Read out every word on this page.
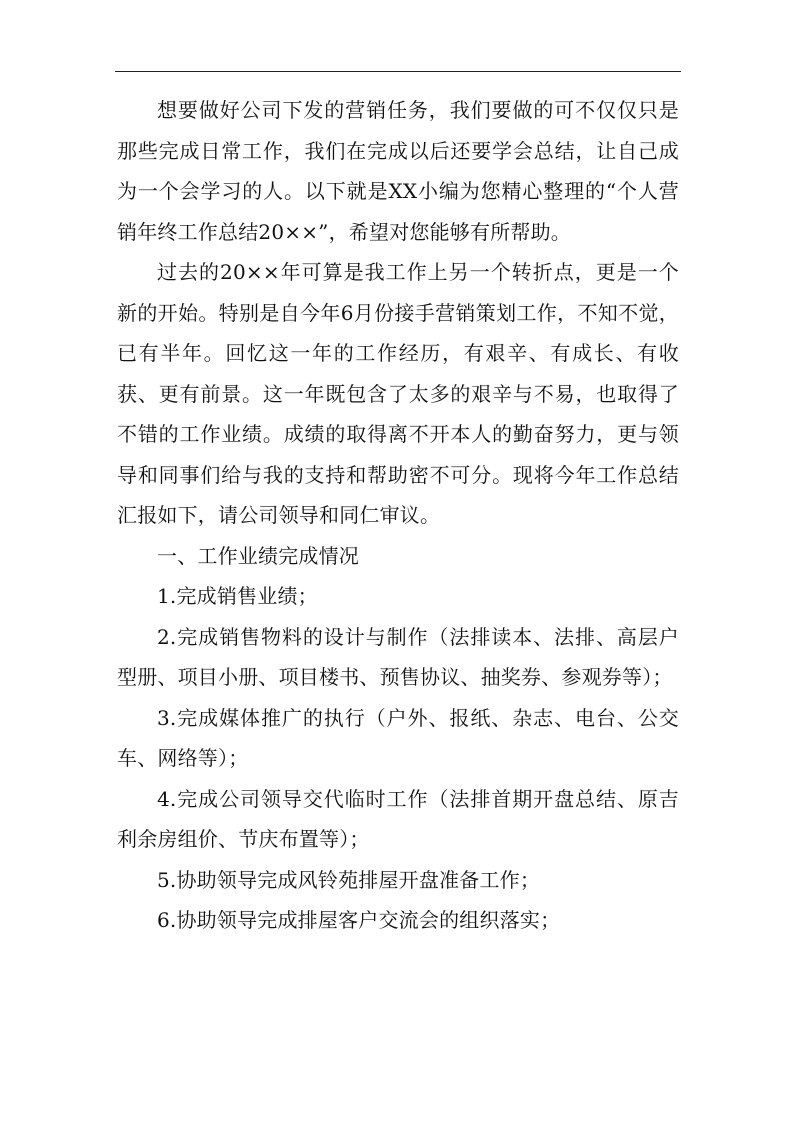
想要做好公司下发的营销任务，我们要做的可不仅仅只是那些完成日常工作，我们在完成以后还要学会总结，让自己成为一个会学习的人。以下就是XX小编为您精心整理的“个人营销年终工作总结20××”，希望对您能够有所帮助。

过去的20××年可算是我工作上另一个转折点，更是一个新的开始。特别是自今年6月份接手营销策划工作，不知不觉，已有半年。回忆这一年的工作经历，有艰辛、有成长、有收获、更有前景。这一年既包含了太多的艰辛与不易，也取得了不错的工作业绩。成绩的取得离不开本人的勤奋努力，更与领导和同事们给与我的支持和帮助密不可分。现将今年工作总结汇报如下，请公司领导和同仁审议。

一、工作业绩完成情况

1.完成销售业绩；

2.完成销售物料的设计与制作（法排读本、法排、高层户型册、项目小册、项目楼书、预售协议、抽奖券、参观券等）；

3.完成媒体推广的执行（户外、报纸、杂志、电台、公交车、网络等）；

4.完成公司领导交代临时工作（法排首期开盘总结、原吉利余房组价、节庆布置等）；

5.协助领导完成风铃苑排屋开盘准备工作；

6.协助领导完成排屋客户交流会的组织落实；
